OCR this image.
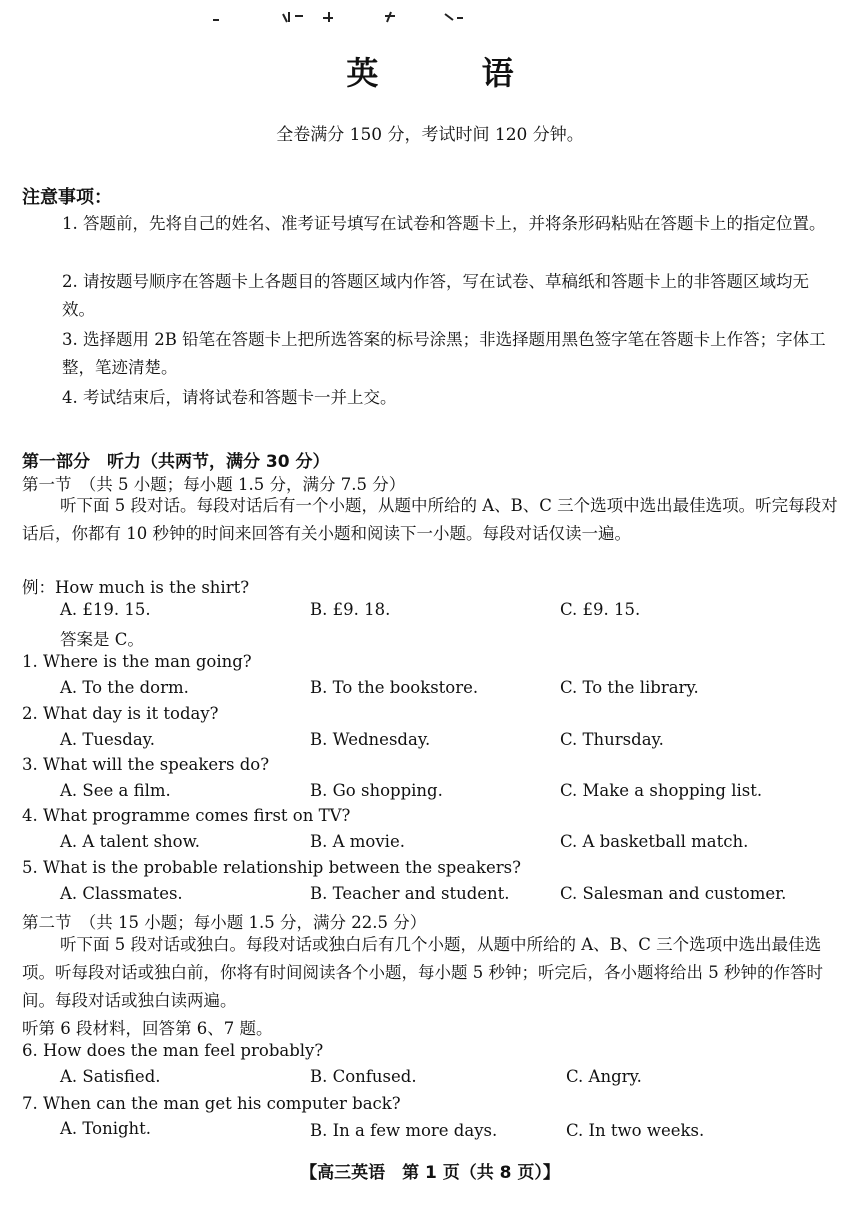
英 语
全卷满分 150 分，考试时间 120 分钟。
注意事项：
1. 答题前，先将自己的姓名、准考证号填写在试卷和答题卡上，并将条形码粘贴在答题卡上的指定位置。
2. 请按题号顺序在答题卡上各题目的答题区域内作答，写在试卷、草稿纸和答题卡上的非答题区域均无效。
3. 选择题用 2B 铅笔在答题卡上把所选答案的标号涂黑；非选择题用黑色签字笔在答题卡上作答；字体工整，笔迹清楚。
4. 考试结束后，请将试卷和答题卡一并上交。
第一部分　听力（共两节，满分 30 分）
第一节　（共 5 小题；每小题 1.5 分，满分 7.5 分）
听下面 5 段对话。每段对话后有一个小题，从题中所给的 A、B、C 三个选项中选出最佳选项。听完每段对话后，你都有 10 秒钟的时间来回答有关小题和阅读下一小题。每段对话仅读一遍。
例：How much is the shirt?
A. £19. 15.	B. £9. 18.	C. £9. 15.
答案是 C。
1. Where is the man going?
A. To the dorm.	B. To the bookstore.	C. To the library.
2. What day is it today?
A. Tuesday.	B. Wednesday.	C. Thursday.
3. What will the speakers do?
A. See a film.	B. Go shopping.	C. Make a shopping list.
4. What programme comes first on TV?
A. A talent show.	B. A movie.	C. A basketball match.
5. What is the probable relationship between the speakers?
A. Classmates.	B. Teacher and student.	C. Salesman and customer.
第二节　（共 15 小题；每小题 1.5 分，满分 22.5 分）
听下面 5 段对话或独白。每段对话或独白后有几个小题，从题中所给的 A、B、C 三个选项中选出最佳选项。听每段对话或独白前，你将有时间阅读各个小题，每小题 5 秒钟；听完后，各小题将给出 5 秒钟的作答时间。每段对话或独白读两遍。
听第 6 段材料，回答第 6、7 题。
6. How does the man feel probably?
A. Satisfied.	B. Confused.	C. Angry.
7. When can the man get his computer back?
A. Tonight.	B. In a few more days.	C. In two weeks.
【高三英语　第 1 页（共 8 页）】
